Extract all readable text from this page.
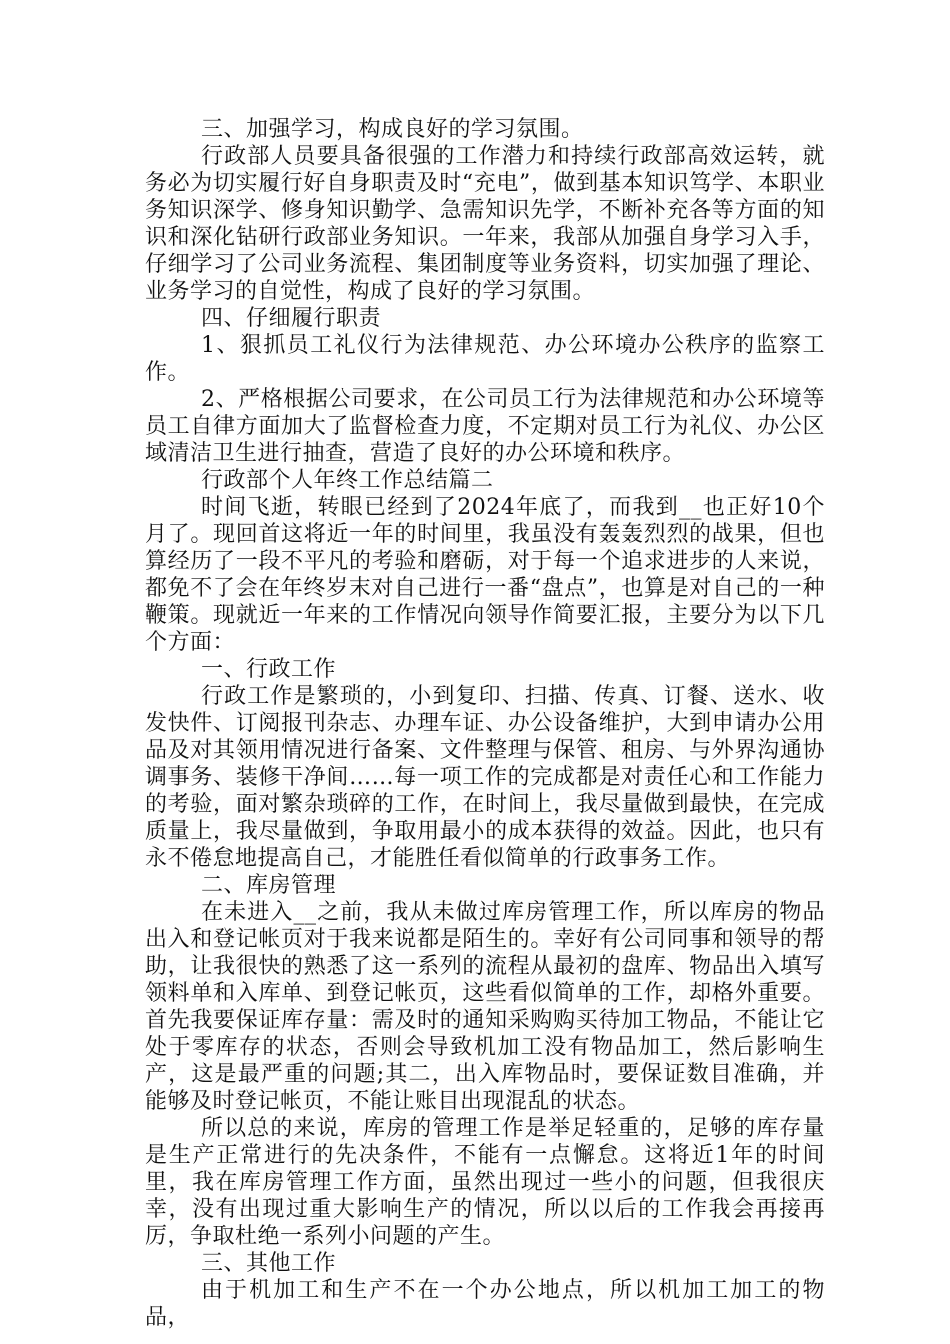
三、加强学习，构成良好的学习氛围。

行政部人员要具备很强的工作潜力和持续行政部高效运转，就务必为切实履行好自身职责及时“充电”，做到基本知识笃学、本职业务知识深学、修身知识勤学、急需知识先学，不断补充各等方面的知识和深化钻研行政部业务知识。一年来，我部从加强自身学习入手，仔细学习了公司业务流程、集团制度等业务资料，切实加强了理论、业务学习的自觉性，构成了良好的学习氛围。

四、仔细履行职责

1、狠抓员工礼仪行为法律规范、办公环境办公秩序的监察工作。

2、严格根据公司要求，在公司员工行为法律规范和办公环境等员工自律方面加大了监督检查力度，不定期对员工行为礼仪、办公区域清洁卫生进行抽查，营造了良好的办公环境和秩序。

行政部个人年终工作总结篇二

时间飞逝，转眼已经到了2024年底了，而我到__也正好10个月了。现回首这将近一年的时间里，我虽没有轰轰烈烈的战果，但也算经历了一段不平凡的考验和磨砺，对于每一个追求进步的人来说，都免不了会在年终岁末对自己进行一番“盘点”，也算是对自己的一种鞭策。现就近一年来的工作情况向领导作简要汇报，主要分为以下几个方面：

一、行政工作

行政工作是繁琐的，小到复印、扫描、传真、订餐、送水、收发快件、订阅报刊杂志、办理车证、办公设备维护，大到申请办公用品及对其领用情况进行备案、文件整理与保管、租房、与外界沟通协调事务、装修干净间……每一项工作的完成都是对责任心和工作能力的考验，面对繁杂琐碎的工作，在时间上，我尽量做到最快，在完成质量上，我尽量做到，争取用最小的成本获得的效益。因此，也只有永不倦怠地提高自己，才能胜任看似简单的行政事务工作。

二、库房管理

在未进入__之前，我从未做过库房管理工作，所以库房的物品出入和登记帐页对于我来说都是陌生的。幸好有公司同事和领导的帮助，让我很快的熟悉了这一系列的流程从最初的盘库、物品出入填写领料单和入库单、到登记帐页，这些看似简单的工作，却格外重要。首先我要保证库存量：需及时的通知采购购买待加工物品，不能让它处于零库存的状态，否则会导致机加工没有物品加工，然后影响生产，这是最严重的问题;其二，出入库物品时，要保证数目准确，并能够及时登记帐页，不能让账目出现混乱的状态。

所以总的来说，库房的管理工作是举足轻重的，足够的库存量是生产正常进行的先决条件，不能有一点懈怠。这将近1年的时间里，我在库房管理工作方面，虽然出现过一些小的问题，但我很庆幸，没有出现过重大影响生产的情况，所以以后的工作我会再接再厉，争取杜绝一系列小问题的产生。

三、其他工作

由于机加工和生产不在一个办公地点，所以机加工加工的物品，
